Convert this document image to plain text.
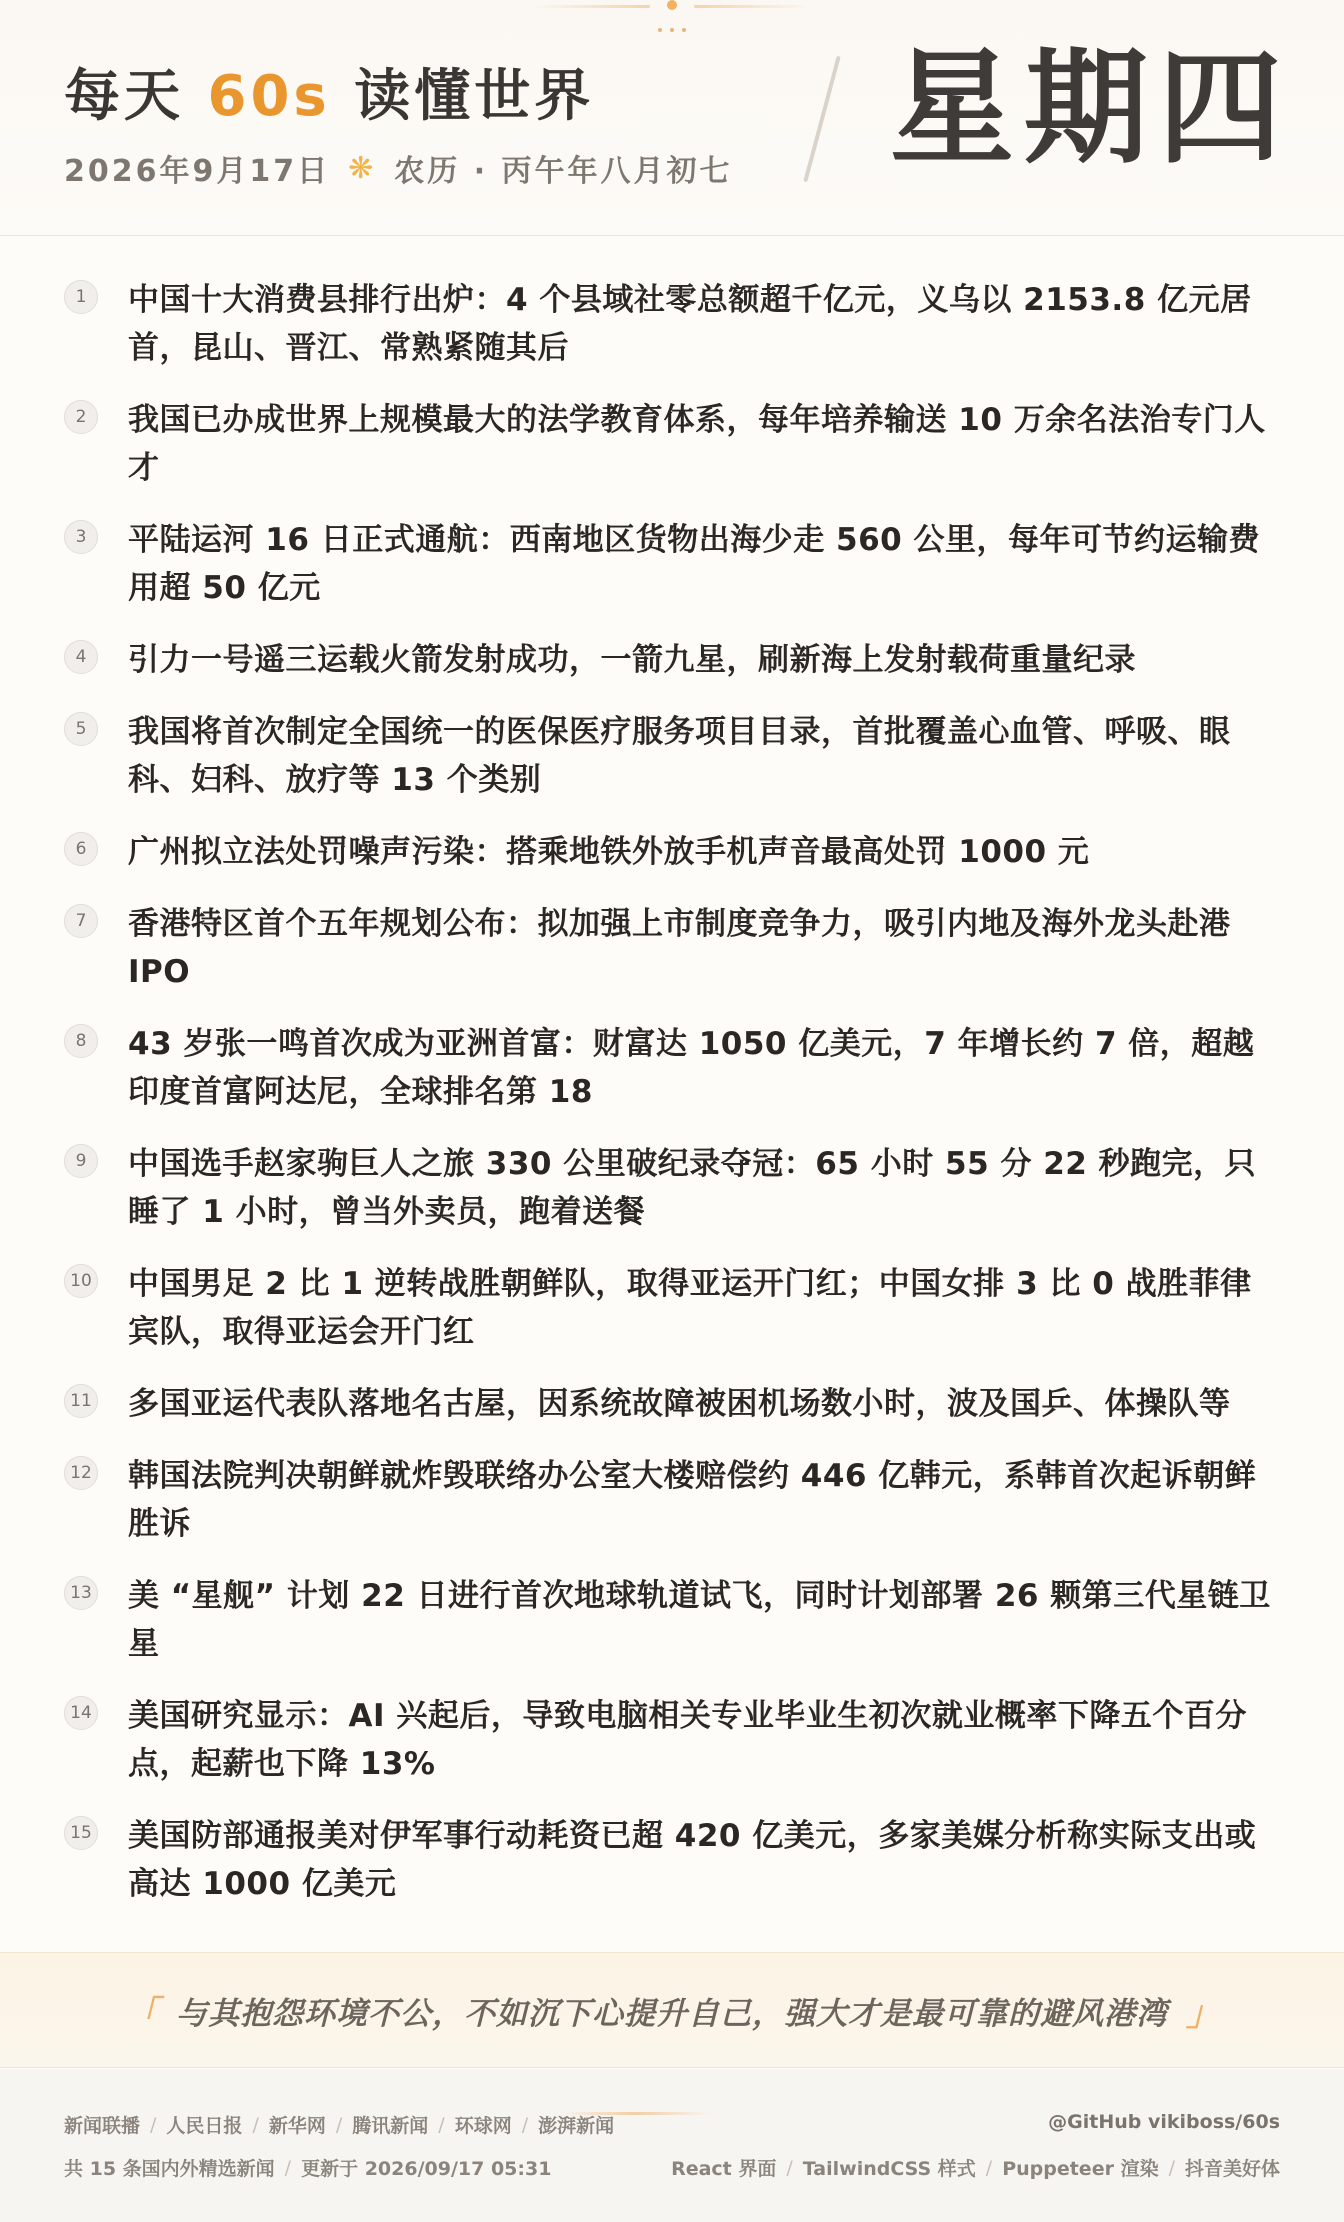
每天 60s 读懂世界
2026年9月17日 ❋ 农历 · 丙午年八月初七 星期四
1	中国十大消费县排行出炉：4 个县域社零总额超千亿元，义乌以 2153.8 亿元居首，昆山、晋江、常熟紧随其后
2	我国已办成世界上规模最大的法学教育体系，每年培养输送 10 万余名法治专门人才
3	平陆运河 16 日正式通航：西南地区货物出海少走 560 公里，每年可节约运输费用超 50 亿元
4	引力一号遥三运载火箭发射成功，一箭九星，刷新海上发射载荷重量纪录
5	我国将首次制定全国统一的医保医疗服务项目目录，首批覆盖心血管、呼吸、眼科、妇科、放疗等 13 个类别
6	广州拟立法处罚噪声污染：搭乘地铁外放手机声音最高处罚 1000 元
7	香港特区首个五年规划公布：拟加强上市制度竞争力，吸引内地及海外龙头赴港 IPO
8	43 岁张一鸣首次成为亚洲首富：财富达 1050 亿美元，7 年增长约 7 倍，超越印度首富阿达尼，全球排名第 18
9	中国选手赵家驹巨人之旅 330 公里破纪录夺冠：65 小时 55 分 22 秒跑完，只睡了 1 小时，曾当外卖员，跑着送餐
10 中国男足 2 比 1 逆转战胜朝鲜队，取得亚运开门红；中国女排 3 比 0 战胜菲律宾队，取得亚运会开门红
11 多国亚运代表队落地名古屋，因系统故障被困机场数小时，波及国乒、体操队等
12 韩国法院判决朝鲜就炸毁联络办公室大楼赔偿约 446 亿韩元，系韩首次起诉朝鲜胜诉
13 美 “星舰” 计划 22 日进行首次地球轨道试飞，同时计划部署 26 颗第三代星链卫星
14 美国研究显示：AI 兴起后，导致电脑相关专业毕业生初次就业概率下降五个百分点，起薪也下降 13%
15 美国防部通报美对伊军事行动耗资已超 420 亿美元，多家美媒分析称实际支出或高达 1000 亿美元
「 与其抱怨环境不公，不如沉下心提升自己，强大才是最可靠的避风港湾 」
新闻联播 / 人民日报 / 新华网 / 腾讯新闻 / 环球网 / 澎湃新闻	@GitHub vikiboss/60s
共 15 条国内外精选新闻 / 更新于 2026/09/17 05:31	React 界面 / TailwindCSS 样式 / Puppeteer 渲染 / 抖音美好体
